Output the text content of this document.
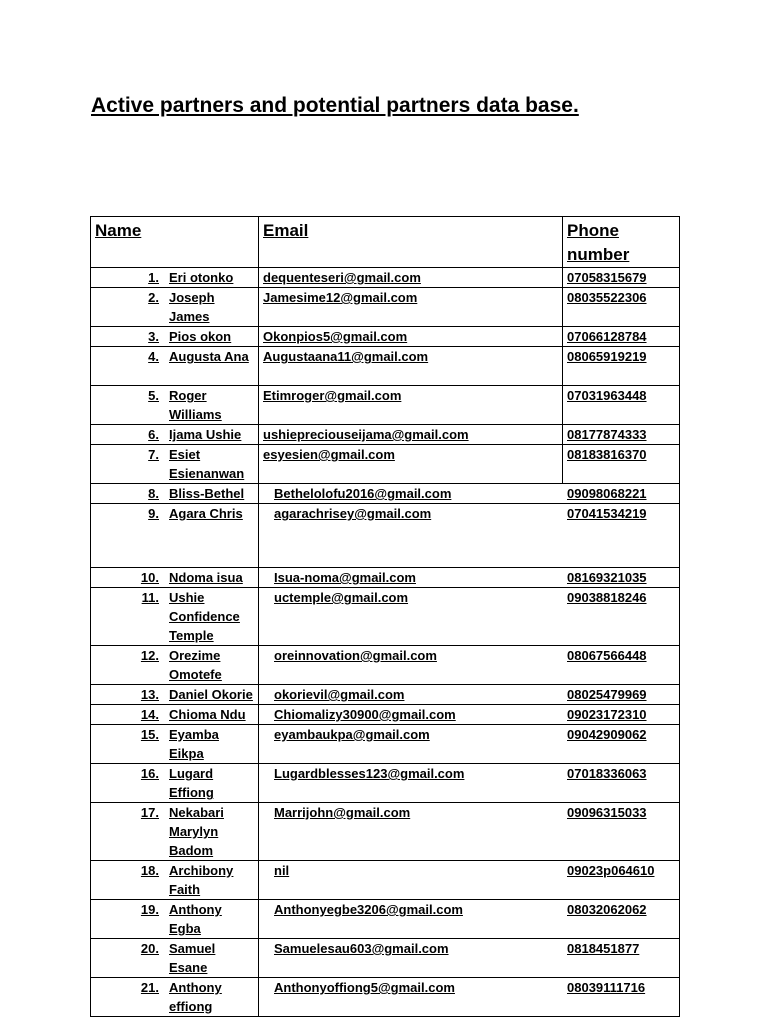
Active partners and potential partners data base.
Name	Email	Phone number

1. Eri otonko	dequenteseri@gmail.com	07058315679

2. Joseph James	Jamesime12@gmail.com	08035522306

3. Pios okon	Okonpios5@gmail.com	07066128784

4. Augusta Ana	Augustaana11@gmail.com	08065919219

5. Roger Williams	Etimroger@gmail.com	07031963448

6. Ijama Ushie	ushiepreciouseijama@gmail.com	08177874333

7. Esiet Esienanwan	esyesien@gmail.com	08183816370

8. Bliss-Bethel	Bethelolofu2016@gmail.com	09098068221

9. Agara Chris	agarachrisey@gmail.com	07041534219

10. Ndoma isua	Isua-noma@gmail.com	08169321035

11. Ushie Confidence Temple	uctemple@gmail.com	09038818246

12. Orezime Omotefe	oreinnovation@gmail.com	08067566448

13. Daniel Okorie	okorievil@gmail.com	08025479969

14. Chioma Ndu	Chiomalizy30900@gmail.com	09023172310

15. Eyamba Eikpa	eyambaukpa@gmail.com	09042909062

16. Lugard Effiong	Lugardblesses123@gmail.com	07018336063

17. Nekabari Marylyn Badom	Marrijohn@gmail.com	09096315033

18. Archibony Faith	nil	09023p064610

19. Anthony Egba	Anthonyegbe3206@gmail.com	08032062062

20. Samuel Esane	Samuelesau603@gmail.com	0818451877

21. Anthony effiong	Anthonyoffiong5@gmail.com	08039111716
